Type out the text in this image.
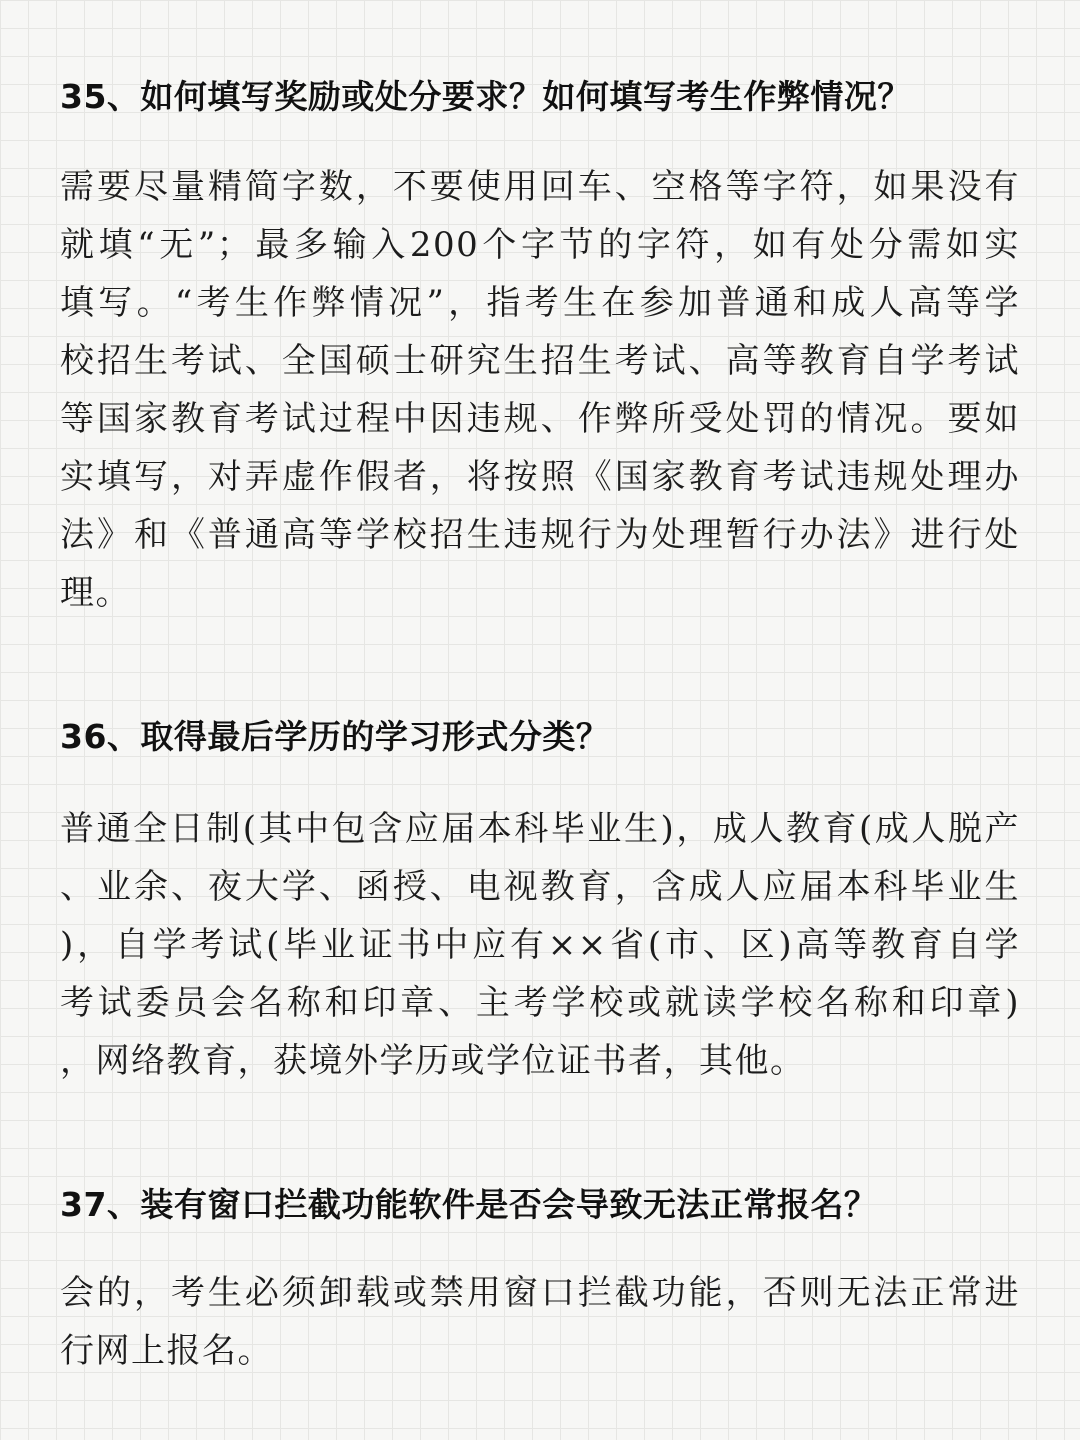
35、如何填写奖励或处分要求？如何填写考生作弊情况？

需要尽量精简字数，不要使用回车、空格等字符，如果没有
就填“无”；最多输入200个字节的字符，如有处分需如实
填写。“考生作弊情况”，指考生在参加普通和成人高等学
校招生考试、全国硕士研究生招生考试、高等教育自学考试
等国家教育考试过程中因违规、作弊所受处罚的情况。要如
实填写，对弄虚作假者，将按照《国家教育考试违规处理办
法》和《普通高等学校招生违规行为处理暂行办法》进行处
理。

36、取得最后学历的学习形式分类？

普通全日制(其中包含应届本科毕业生)，成人教育(成人脱产
、业余、夜大学、函授、电视教育，含成人应届本科毕业生
)，自学考试(毕业证书中应有××省(市、区)高等教育自学
考试委员会名称和印章、主考学校或就读学校名称和印章)
，网络教育，获境外学历或学位证书者，其他。

37、装有窗口拦截功能软件是否会导致无法正常报名？

会的，考生必须卸载或禁用窗口拦截功能，否则无法正常进
行网上报名。
